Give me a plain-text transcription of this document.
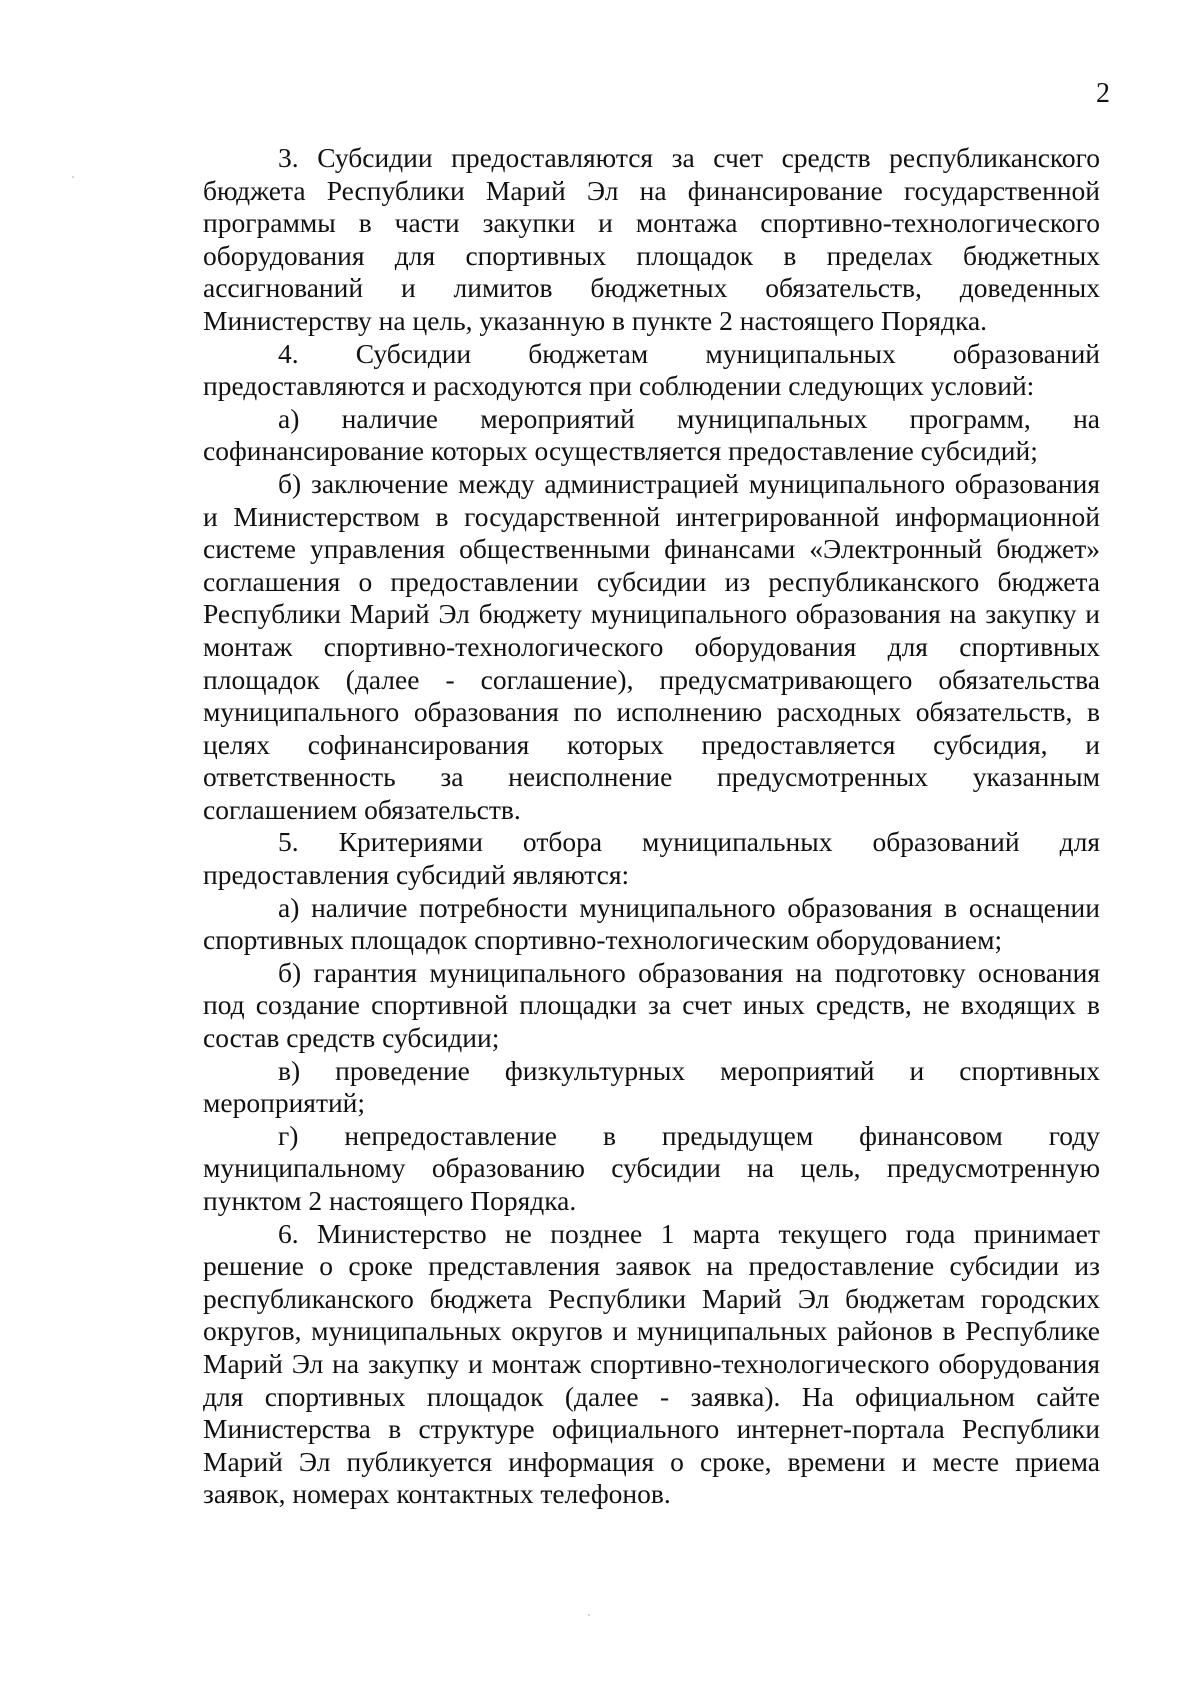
2

3. Субсидии предоставляются за счет средств республиканского бюджета Республики Марий Эл на финансирование государственной программы в части закупки и монтажа спортивно-технологического оборудования для спортивных площадок в пределах бюджетных ассигнований и лимитов бюджетных обязательств, доведенных Министерству на цель, указанную в пункте 2 настоящего Порядка.

4. Субсидии бюджетам муниципальных образований предоставляются и расходуются при соблюдении следующих условий:

а) наличие мероприятий муниципальных программ, на софинансирование которых осуществляется предоставление субсидий;

б) заключение между администрацией муниципального образования и Министерством в государственной интегрированной информационной системе управления общественными финансами «Электронный бюджет» соглашения о предоставлении субсидии из республиканского бюджета Республики Марий Эл бюджету муниципального образования на закупку и монтаж спортивно-технологического оборудования для спортивных площадок (далее - соглашение), предусматривающего обязательства муниципального образования по исполнению расходных обязательств, в целях софинансирования которых предоставляется субсидия, и ответственность за неисполнение предусмотренных указанным соглашением обязательств.

5. Критериями отбора муниципальных образований для предоставления субсидий являются:

а) наличие потребности муниципального образования в оснащении спортивных площадок спортивно-технологическим оборудованием;

б) гарантия муниципального образования на подготовку основания под создание спортивной площадки за счет иных средств, не входящих в состав средств субсидии;

в) проведение физкультурных мероприятий и спортивных мероприятий;

г) непредоставление в предыдущем финансовом году муниципальному образованию субсидии на цель, предусмотренную пунктом 2 настоящего Порядка.

6. Министерство не позднее 1 марта текущего года принимает решение о сроке представления заявок на предоставление субсидии из республиканского бюджета Республики Марий Эл бюджетам городских округов, муниципальных округов и муниципальных районов в Республике Марий Эл на закупку и монтаж спортивно-технологического оборудования для спортивных площадок (далее - заявка). На официальном сайте Министерства в структуре официального интернет-портала Республики Марий Эл публикуется информация о сроке, времени и месте приема заявок, номерах контактных телефонов.
